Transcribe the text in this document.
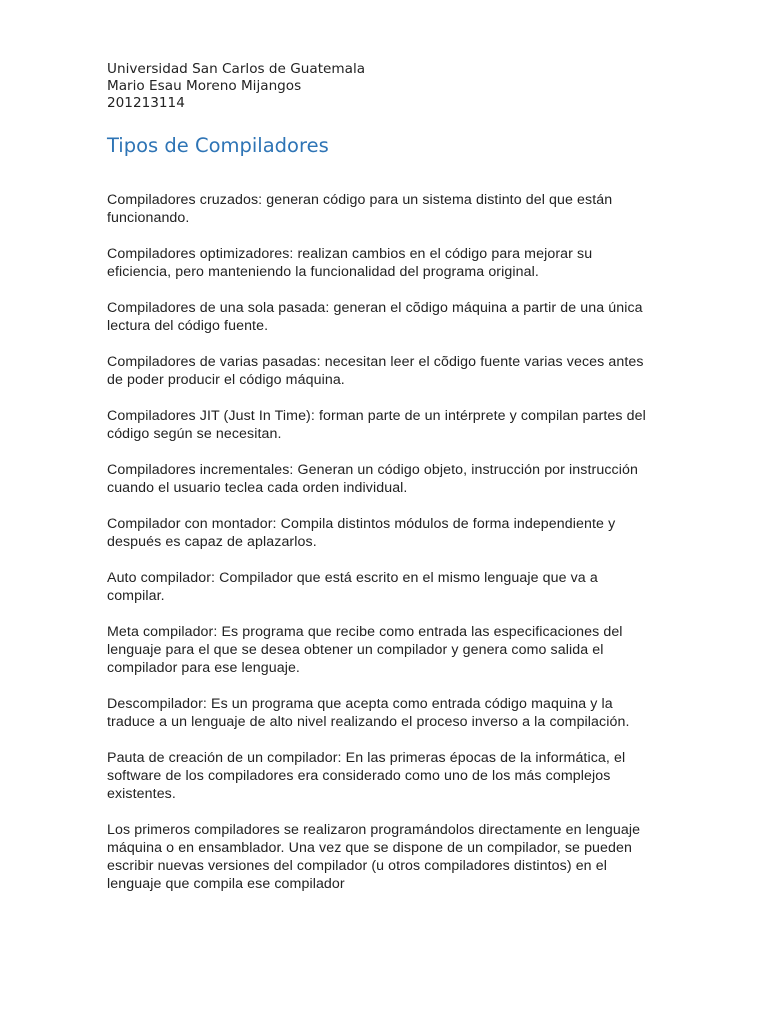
Universidad San Carlos de Guatemala

Mario Esau Moreno Mijangos

201213114

Tipos de Compiladores

Compiladores cruzados: generan código para un sistema distinto del que están funcionando.

Compiladores optimizadores: realizan cambios en el código para mejorar su eficiencia, pero manteniendo la funcionalidad del programa original.

Compiladores de una sola pasada: generan el cõdigo máquina a partir de una única lectura del código fuente.

Compiladores de varias pasadas: necesitan leer el cõdigo fuente varias veces antes de poder producir el código máquina.

Compiladores JIT (Just In Time): forman parte de un intérprete y compilan partes del código según se necesitan.

Compiladores incrementales: Generan un código objeto, instrucción por instrucción cuando el usuario teclea cada orden individual.

Compilador con montador: Compila distintos módulos de forma independiente y después es capaz de aplazarlos.

Auto compilador: Compilador que está escrito en el mismo lenguaje que va a compilar.

Meta compilador: Es programa que recibe como entrada las especificaciones del lenguaje para el que se desea obtener un compilador y genera como salida el compilador para ese lenguaje.

Descompilador: Es un programa que acepta como entrada código maquina y la traduce a un lenguaje de alto nivel realizando el proceso inverso a la compilación.

Pauta de creación de un compilador: En las primeras épocas de la informática, el software de los compiladores era considerado como uno de los más complejos existentes.

Los primeros compiladores se realizaron programándolos directamente en lenguaje máquina o en ensamblador. Una vez que se dispone de un compilador, se pueden escribir nuevas versiones del compilador (u otros compiladores distintos) en el lenguaje que compila ese compilador
